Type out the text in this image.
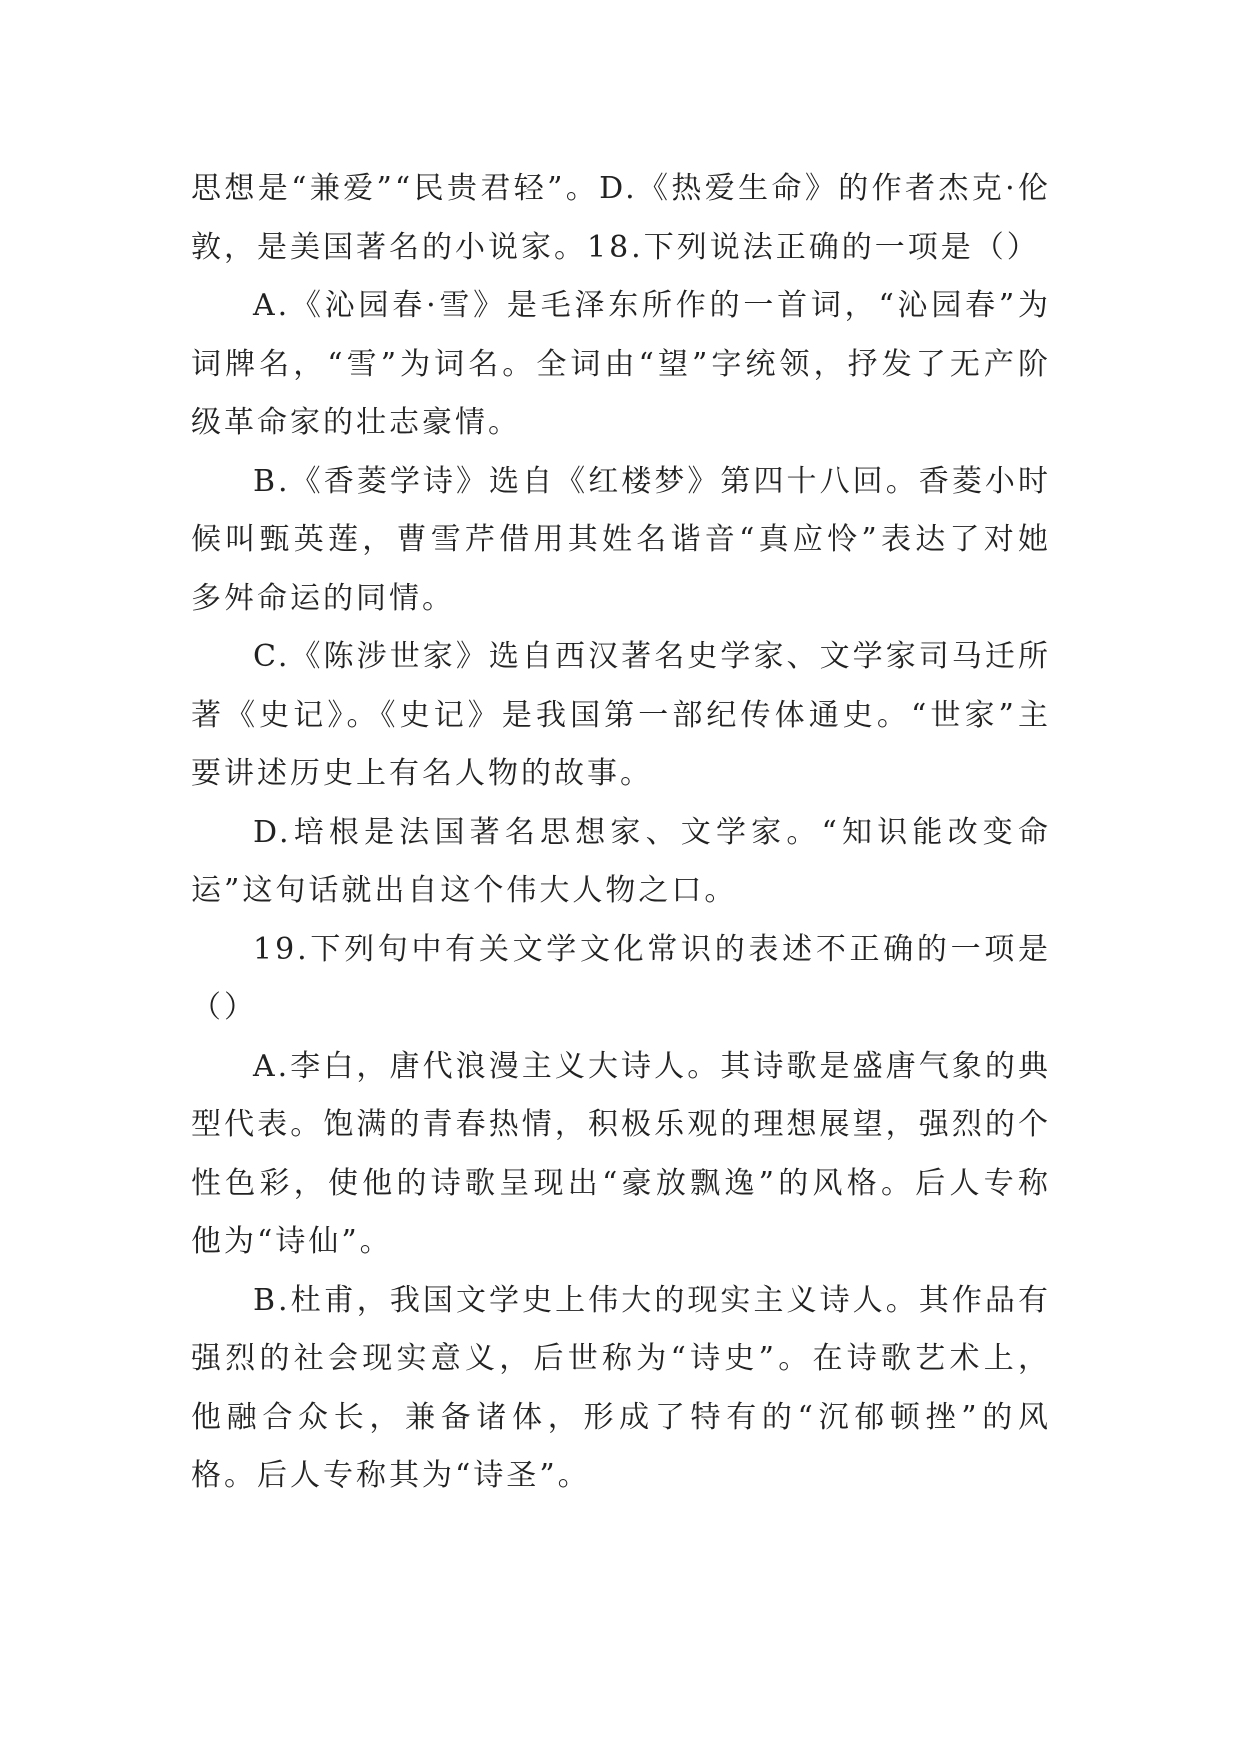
思想是“兼爱”“民贵君轻”。D.《热爱生命》的作者杰克·伦敦，是美国著名的小说家。18.下列说法正确的一项是（）

A.《沁园春·雪》是毛泽东所作的一首词，“沁园春”为词牌名，“雪”为词名。全词由“望”字统领，抒发了无产阶级革命家的壮志豪情。

B.《香菱学诗》选自《红楼梦》第四十八回。香菱小时候叫甄英莲，曹雪芹借用其姓名谐音“真应怜”表达了对她多舛命运的同情。

C.《陈涉世家》选自西汉著名史学家、文学家司马迁所著《史记》。《史记》是我国第一部纪传体通史。“世家”主要讲述历史上有名人物的故事。

D.培根是法国著名思想家、文学家。“知识能改变命运”这句话就出自这个伟大人物之口。

19.下列句中有关文学文化常识的表述不正确的一项是（）

A.李白，唐代浪漫主义大诗人。其诗歌是盛唐气象的典型代表。饱满的青春热情，积极乐观的理想展望，强烈的个性色彩，使他的诗歌呈现出“豪放飘逸”的风格。后人专称他为“诗仙”。

B.杜甫，我国文学史上伟大的现实主义诗人。其作品有强烈的社会现实意义，后世称为“诗史”。在诗歌艺术上，他融合众长，兼备诸体，形成了特有的“沉郁顿挫”的风格。后人专称其为“诗圣”。
